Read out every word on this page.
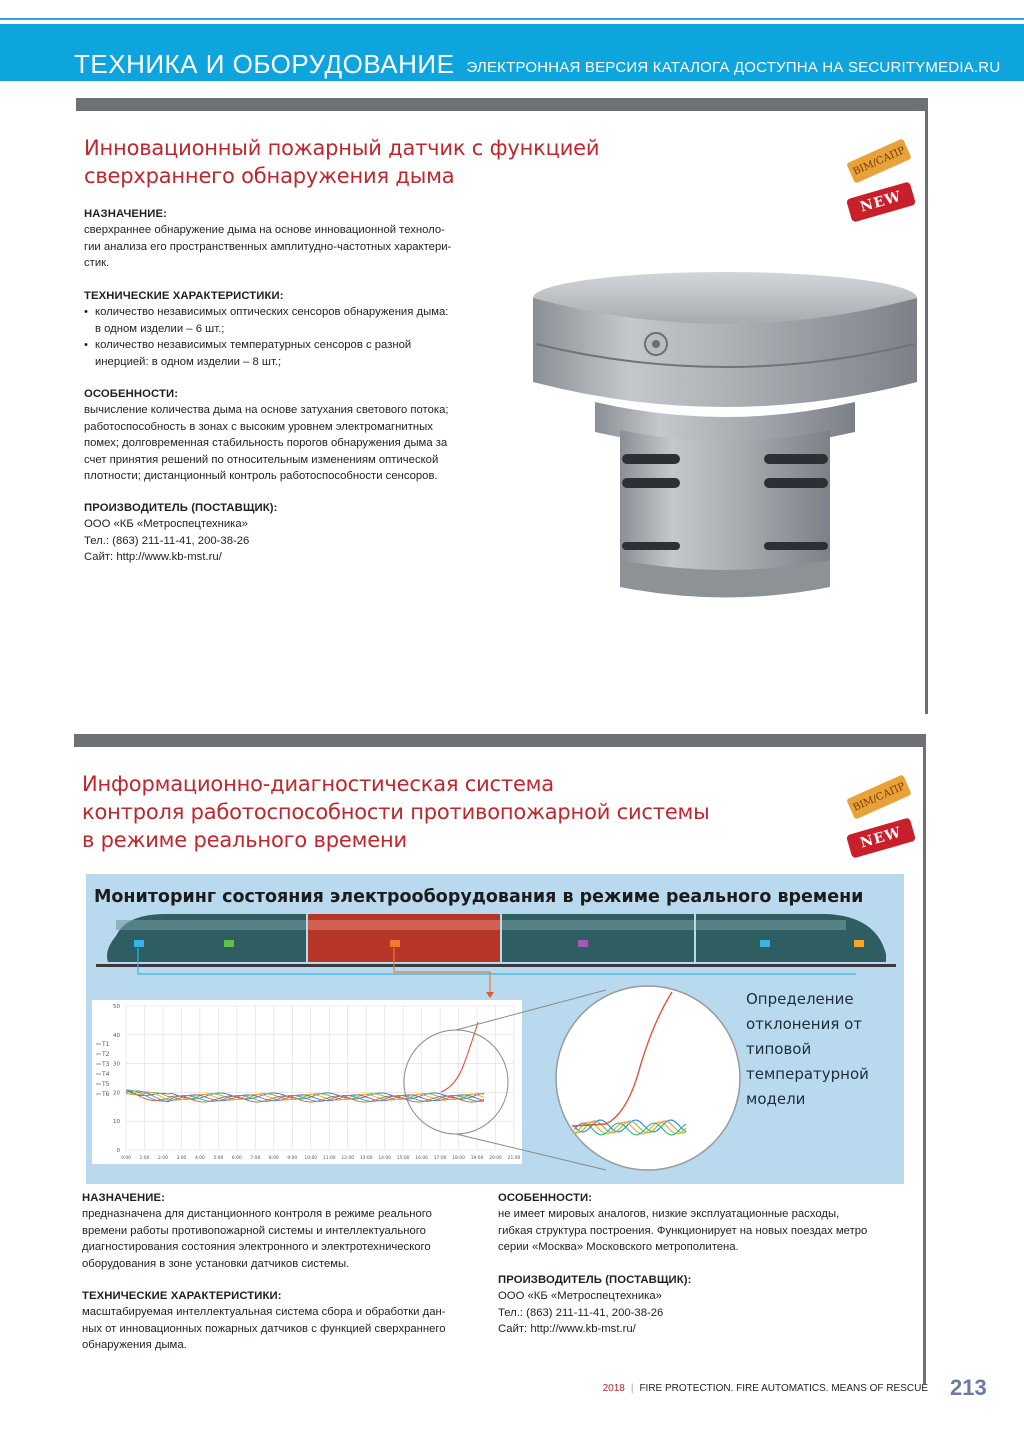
ТЕХНИКА И ОБОРУДОВАНИЕ ЭЛЕКТРОННАЯ ВЕРСИЯ КАТАЛОГА ДОСТУПНА НА SECURITYMEDIA.RU
Инновационный пожарный датчик с функцией
сверхраннего обнаружения дыма	BIM/САПР
NEW
НАЗНАЧЕНИЕ:

сверхраннее обнаружение дыма на основе инновационной техноло-

гии анализа его пространственных амплитудно-частотных характери-

стик.

ТЕХНИЧЕСКИЕ ХАРАКТЕРИСТИКИ:
• количество независимых оптических сенсоров обнаружения дыма:
в одном изделии – 6 шт.;
• количество независимых температурных сенсоров с разной
инерцией: в одном изделии – 8 шт.;
ОСОБЕННОСТИ:

вычисление количества дыма на основе затухания светового потока;

работоспособность в зонах с высоким уровнем электромагнитных

помех; долговременная стабильность порогов обнаружения дыма за

счет принятия решений по относительным изменениям оптической

плотности; дистанционный контроль работоспособности сенсоров.

ПРОИЗВОДИТЕЛЬ (ПОСТАВЩИК):

ООО «КБ «Метроспецтехника»

Тел.: (863) 211-11-41, 200-38-26

Сайт: http://www.kb-mst.ru/

Информационно-диагностическая система
контроля работоспособности противопожарной системы
в режиме реального времени
BIM/САПР
NEW
Мониторинг состояния электрооборудования в режиме реального времени
50
40
30
20
10
0
0:00 1:00 2:00 3:00 4:00 5:00 6:00 7:00 8:00 9:00 10:00 11:00 12:00 13:00 14:00 15:00 16:00 17:00 18:00 19:00 20:00 21:00
T1
T2
T3
T4
T5
T6
Определение
отклонения от
типовой
температурной
модели
НАЗНАЧЕНИЕ:

предназначена для дистанционного контроля в режиме реального

времени работы противопожарной системы и интеллектуального

диагностирования состояния электронного и электротехнического

оборудования в зоне установки датчиков системы.

ТЕХНИЧЕСКИЕ ХАРАКТЕРИСТИКИ:

масштабируемая интеллектуальная система сбора и обработки дан-

ных от инновационных пожарных датчиков с функцией сверхраннего

обнаружения дыма.

ОСОБЕННОСТИ:

не имеет мировых аналогов, низкие эксплуатационные расходы,

гибкая структура построения. Функционирует на новых поездах метро

серии «Москва» Московского метрополитена.

ПРОИЗВОДИТЕЛЬ (ПОСТАВЩИК):

ООО «КБ «Метроспецтехника»

Тел.: (863) 211-11-41, 200-38-26

Сайт: http://www.kb-mst.ru/

2018 | FIRE PROTECTION. FIRE AUTOMATICS. MEANS OF RESCUE 213
